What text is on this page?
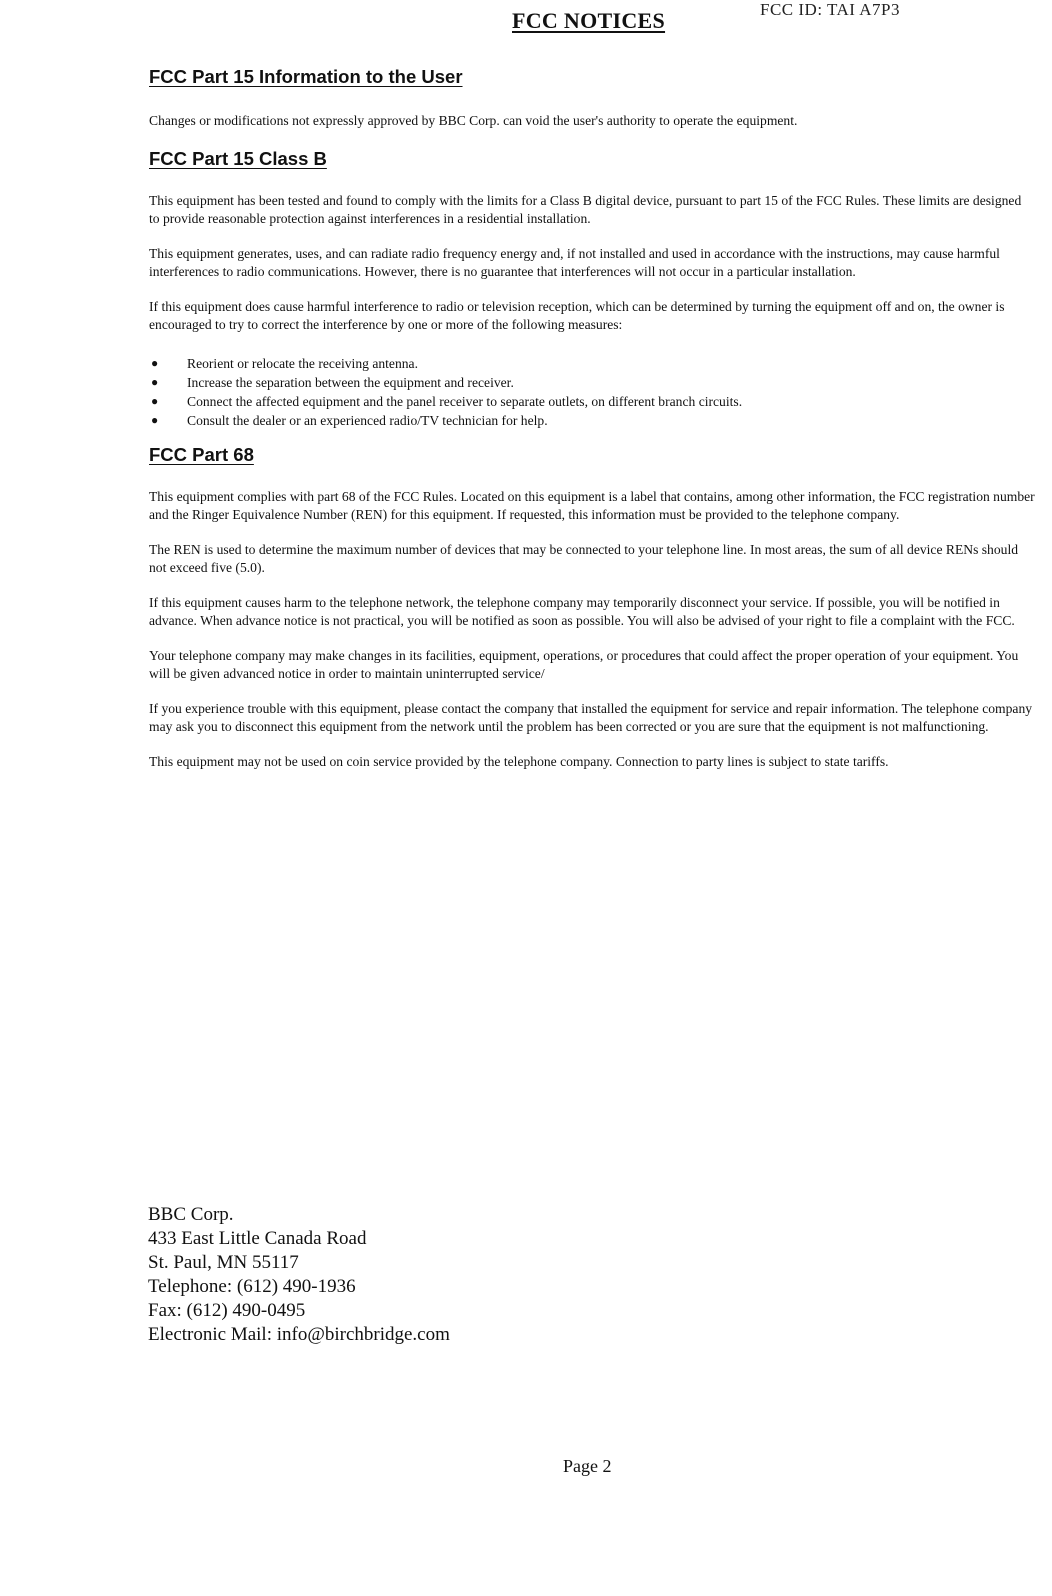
FCC ID: TAI A7P3
FCC NOTICES
FCC Part 15 Information to the User

Changes or modifications not expressly approved by BBC Corp. can void the user's authority to operate the equipment.

FCC Part 15 Class B

This equipment has been tested and found to comply with the limits for a Class B digital device, pursuant to part 15 of the FCC Rules. These limits are designed to provide reasonable protection against interferences in a residential installation.

This equipment generates, uses, and can radiate radio frequency energy and, if not installed and used in accordance with the instructions, may cause harmful interferences to radio communications. However, there is no guarantee that interferences will not occur in a particular installation.

If this equipment does cause harmful interference to radio or television reception, which can be determined by turning the equipment off and on, the owner is encouraged to try to correct the interference by one or more of the following measures:

● Reorient or relocate the receiving antenna.
● Increase the separation between the equipment and receiver.
● Connect the affected equipment and the panel receiver to separate outlets, on different branch circuits.
● Consult the dealer or an experienced radio/TV technician for help.
FCC Part 68

This equipment complies with part 68 of the FCC Rules. Located on this equipment is a label that contains, among other information, the FCC registration number and the Ringer Equivalence Number (REN) for this equipment. If requested, this information must be provided to the telephone company.

The REN is used to determine the maximum number of devices that may be connected to your telephone line. In most areas, the sum of all device RENs should not exceed five (5.0).

If this equipment causes harm to the telephone network, the telephone company may temporarily disconnect your service. If possible, you will be notified in advance. When advance notice is not practical, you will be notified as soon as possible. You will also be advised of your right to file a complaint with the FCC.

Your telephone company may make changes in its facilities, equipment, operations, or procedures that could affect the proper operation of your equipment. You will be given advanced notice in order to maintain uninterrupted service/

If you experience trouble with this equipment, please contact the company that installed the equipment for service and repair information. The telephone company may ask you to disconnect this equipment from the network until the problem has been corrected or you are sure that the equipment is not malfunctioning.

This equipment may not be used on coin service provided by the telephone company. Connection to party lines is subject to state tariffs.

BBC Corp.
433 East Little Canada Road
St. Paul, MN 55117
Telephone: (612) 490-1936
Fax: (612) 490-0495
Electronic Mail: info@birchbridge.com
Page 2
